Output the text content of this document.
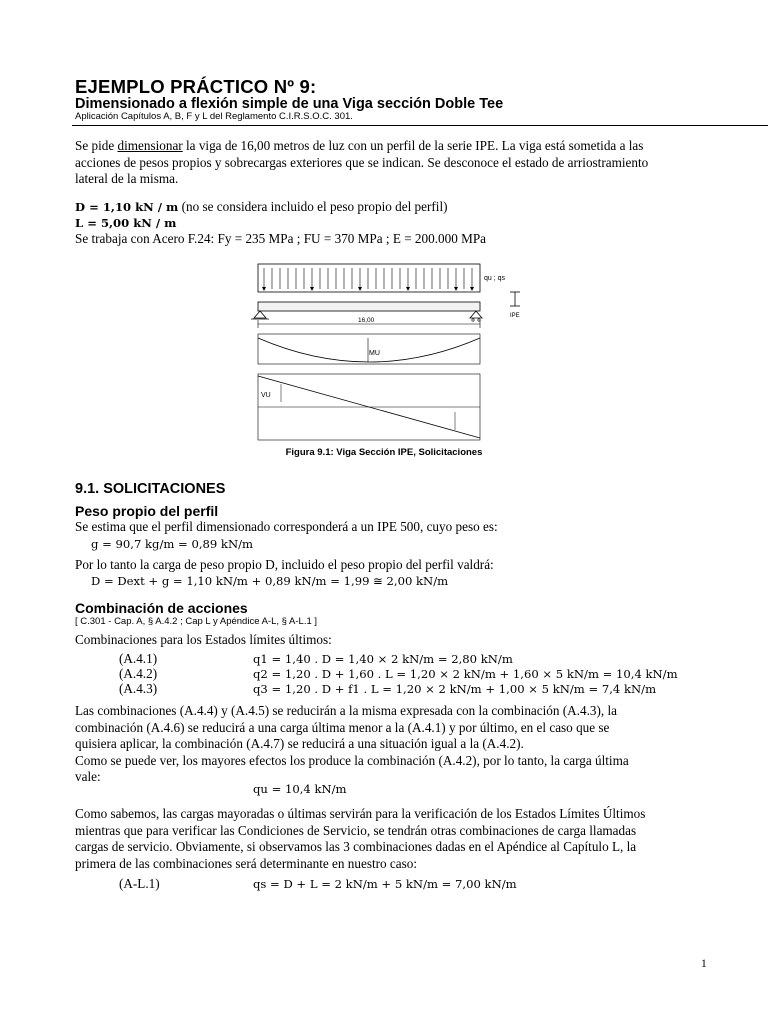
EJEMPLO PRÁCTICO Nº 9:
Dimensionado a flexión simple de una Viga sección Doble Tee
Aplicación Capítulos A, B, F y L del Reglamento C.I.R.S.O.C. 301.
Se pide dimensionar la viga de 16,00 metros de luz con un perfil de la serie IPE. La viga está sometida a las
acciones de pesos propios y sobrecargas exteriores que se indican. Se desconoce el estado de arriostramiento
lateral de la misma.
D = 1,10 kN / m (no se considera incluido el peso propio del perfil)
L = 5,00 kN / m
Se trabaja con Acero F.24: Fy = 235 MPa ; FU = 370 MPa ; E = 200.000 MPa
qu ; qs
IPE
16,00
MU
VU
Figura 9.1: Viga Sección IPE, Solicitaciones
9.1. SOLICITACIONES
Peso propio del perfil
Se estima que el perfil dimensionado corresponderá a un IPE 500, cuyo peso es:
g = 90,7 kg/m = 0,89 kN/m
Por lo tanto la carga de peso propio D, incluido el peso propio del perfil valdrá:
D = Dext + g = 1,10 kN/m + 0,89 kN/m = 1,99 ≅ 2,00 kN/m
Combinación de acciones
[ C.301 - Cap. A, § A.4.2 ; Cap L y Apéndice A-L, § A-L.1 ]
Combinaciones para los Estados límites últimos:
(A.4.1)	q1 = 1,40 . D = 1,40 × 2 kN/m = 2,80 kN/m
(A.4.2)	q2 = 1,20 . D + 1,60 . L = 1,20 × 2 kN/m + 1,60 × 5 kN/m = 10,4 kN/m
(A.4.3)	q3 = 1,20 . D + f1 . L = 1,20 × 2 kN/m + 1,00 × 5 kN/m = 7,4 kN/m
Las combinaciones (A.4.4) y (A.4.5) se reducirán a la misma expresada con la combinación (A.4.3), la
combinación (A.4.6) se reducirá a una carga última menor a la (A.4.1) y por último, en el caso que se
quisiera aplicar, la combinación (A.4.7) se reducirá a una situación igual a la (A.4.2).
Como se puede ver, los mayores efectos los produce la combinación (A.4.2), por lo tanto, la carga última
vale:
qu = 10,4 kN/m
Como sabemos, las cargas mayoradas o últimas servirán para la verificación de los Estados Límites Últimos
mientras que para verificar las Condiciones de Servicio, se tendrán otras combinaciones de carga llamadas
cargas de servicio. Obviamente, si observamos las 3 combinaciones dadas en el Apéndice al Capítulo L, la
primera de las combinaciones será determinante en nuestro caso:
(A-L.1)	qs = D + L = 2 kN/m + 5 kN/m = 7,00 kN/m
1
